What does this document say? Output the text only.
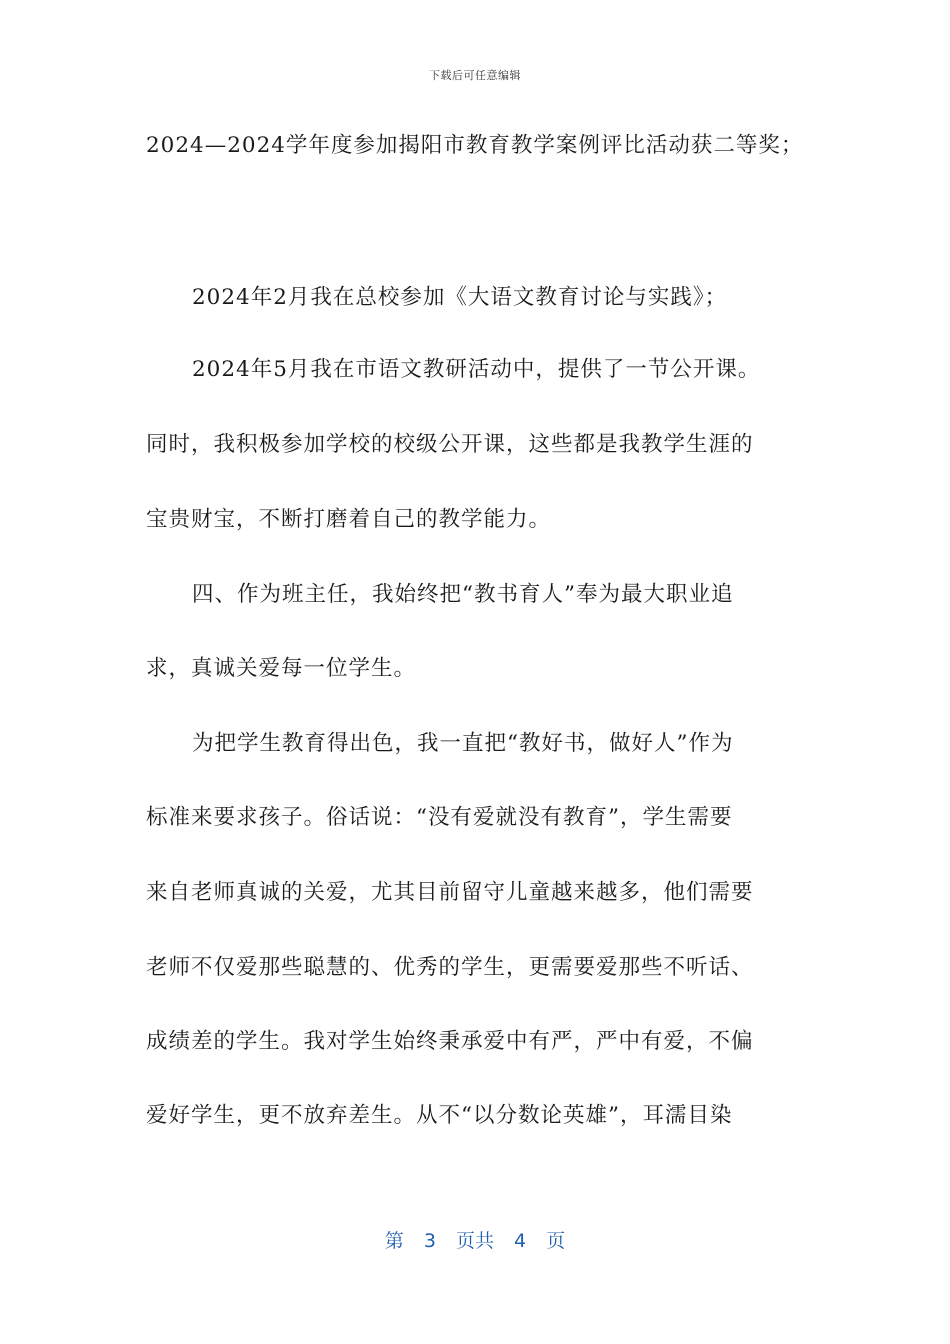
下载后可任意编辑
2024—2024学年度参加揭阳市教育教学案例评比活动获二等奖；
2024年2月我在总校参加《大语文教育讨论与实践》；
2024年5月我在市语文教研活动中，提供了一节公开课。
同时，我积极参加学校的校级公开课，这些都是我教学生涯的
宝贵财宝，不断打磨着自己的教学能力。
四、作为班主任，我始终把“教书育人”奉为最大职业追
求，真诚关爱每一位学生。
为把学生教育得出色，我一直把“教好书，做好人”作为
标准来要求孩子。俗话说：“没有爱就没有教育”，学生需要
来自老师真诚的关爱，尤其目前留守儿童越来越多，他们需要
老师不仅爱那些聪慧的、优秀的学生，更需要爱那些不听话、
成绩差的学生。我对学生始终秉承爱中有严，严中有爱，不偏
爱好学生，更不放弃差生。从不“以分数论英雄”，耳濡目染
第 3 页共 4 页
